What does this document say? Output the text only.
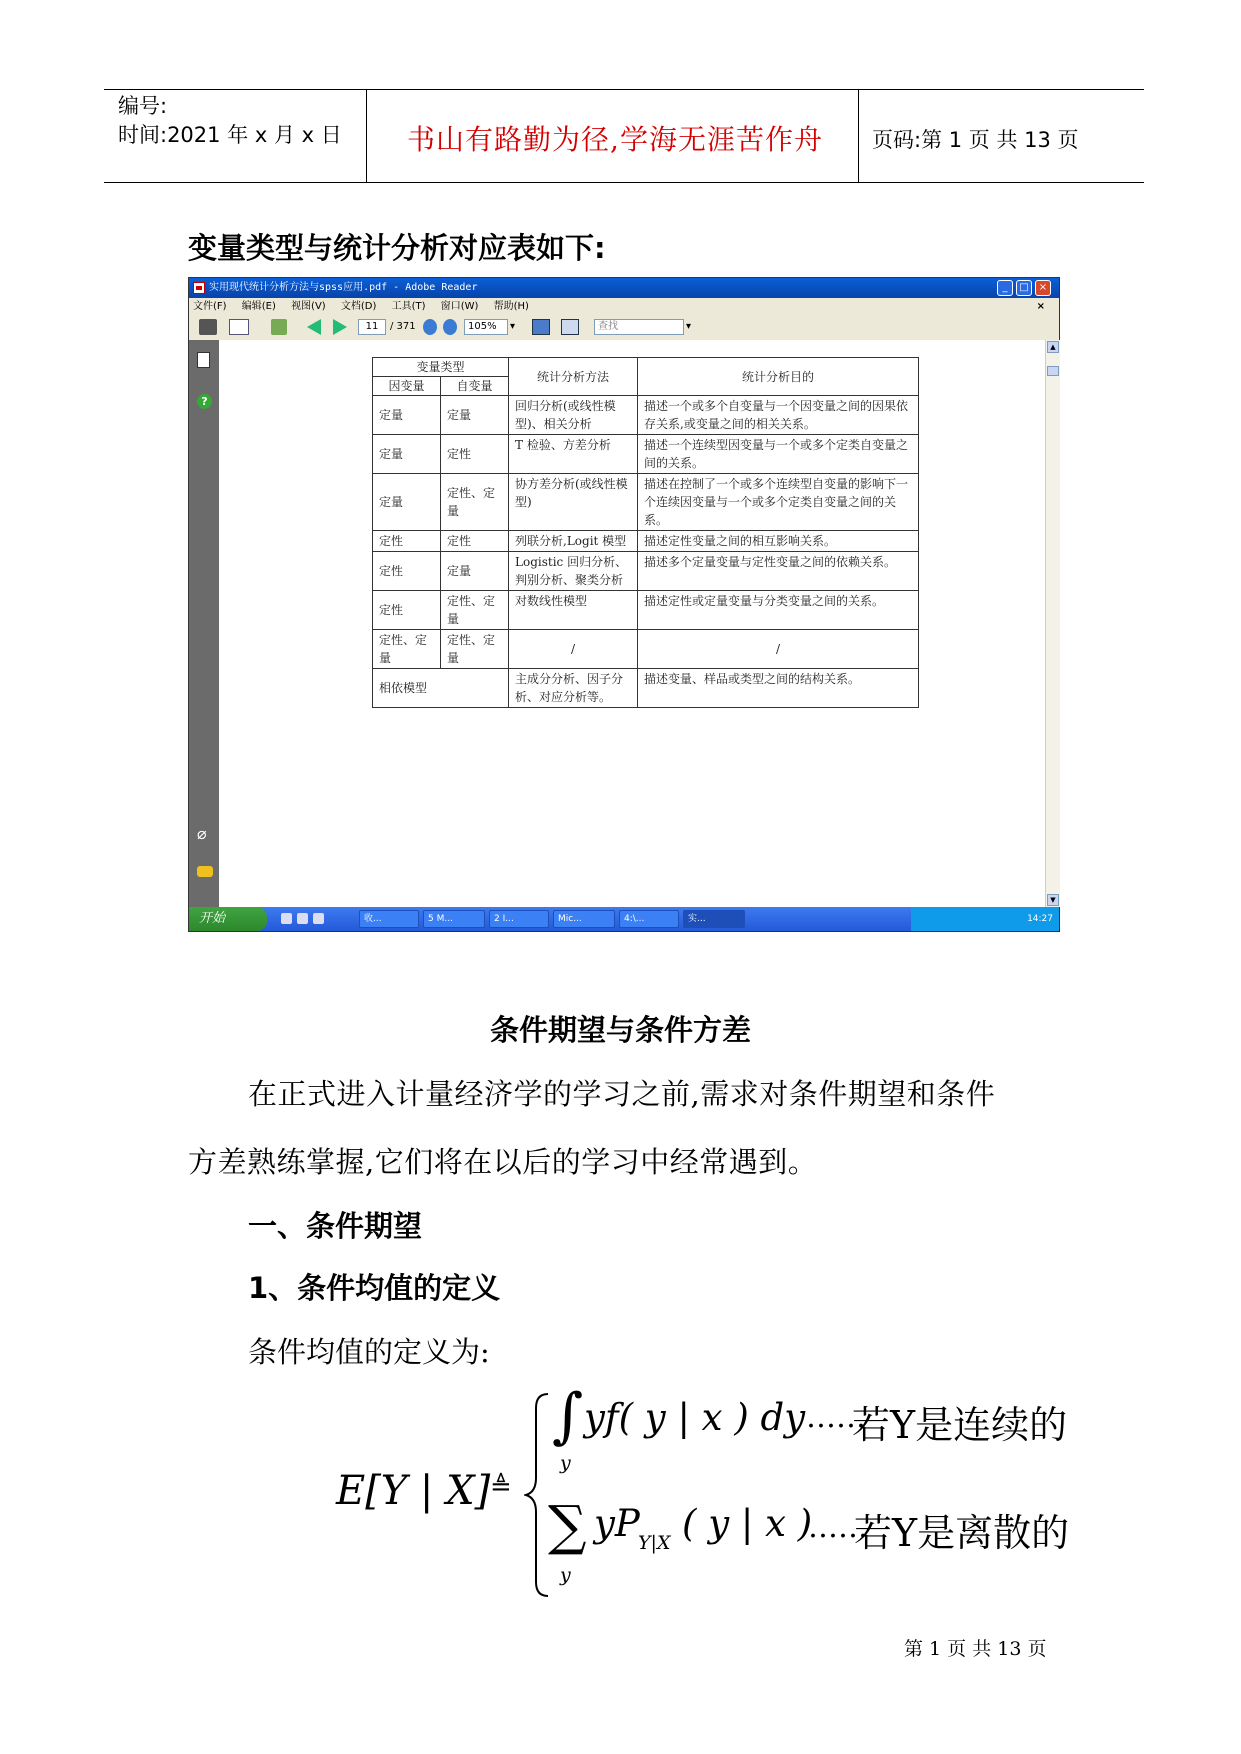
编号:
时间:2021 年 x 月 x 日	书山有路勤为径,学海无涯苦作舟	页码:第 1 页 共 13 页
变量类型与统计分析对应表如下:
实用现代统计分析方法与spss应用.pdf - Adobe Reader	_	□	×
文件(F) 编辑(E) 视图(V) 文档(D) 工具(T) 窗口(W) 帮助(H)	×
11	/ 371	105%	▾	查找	▾
?
⌀
变量类型		统计分析方法	统计分析目的
因变量	自变量		
定量	定量	回归分析(或线性模型)、相关分析	描述一个或多个自变量与一个因变量之间的因果依存关系,或变量之间的相关关系。
定量	定性	T 检验、方差分析	描述一个连续型因变量与一个或多个定类自变量之间的关系。
定量	定性、定量	协方差分析(或线性模型)	描述在控制了一个或多个连续型自变量的影响下一个连续因变量与一个或多个定类自变量之间的关系。
定性	定性	列联分析,Logit 模型	描述定性变量之间的相互影响关系。
定性	定量	Logistic 回归分析、判别分析、聚类分析	描述多个定量变量与定性变量之间的依赖关系。
定性	定性、定量	对数线性模型	描述定性或定量变量与分类变量之间的关系。
定性、定量	定性、定量	/	/
相依模型		主成分分析、因子分析、对应分析等。	描述变量、样品或类型之间的结构关系。
▲
▼
开始	收...	5 M...	2 I...	Mic...	4:\...	实...	14:27
条件期望与条件方差
在正式进入计量经济学的学习之前,需求对条件期望和条件
方差熟练掌握,它们将在以后的学习中经常遇到。
一、条件期望
1、条件均值的定义
条件均值的定义为:
E[Y | X] ≜
∫
y
yf( y | x ) dy ……
若Y是连续的
∑
y
yP
Y|X ( y | x )
……
若Y是离散的
第 1 页 共 13 页
